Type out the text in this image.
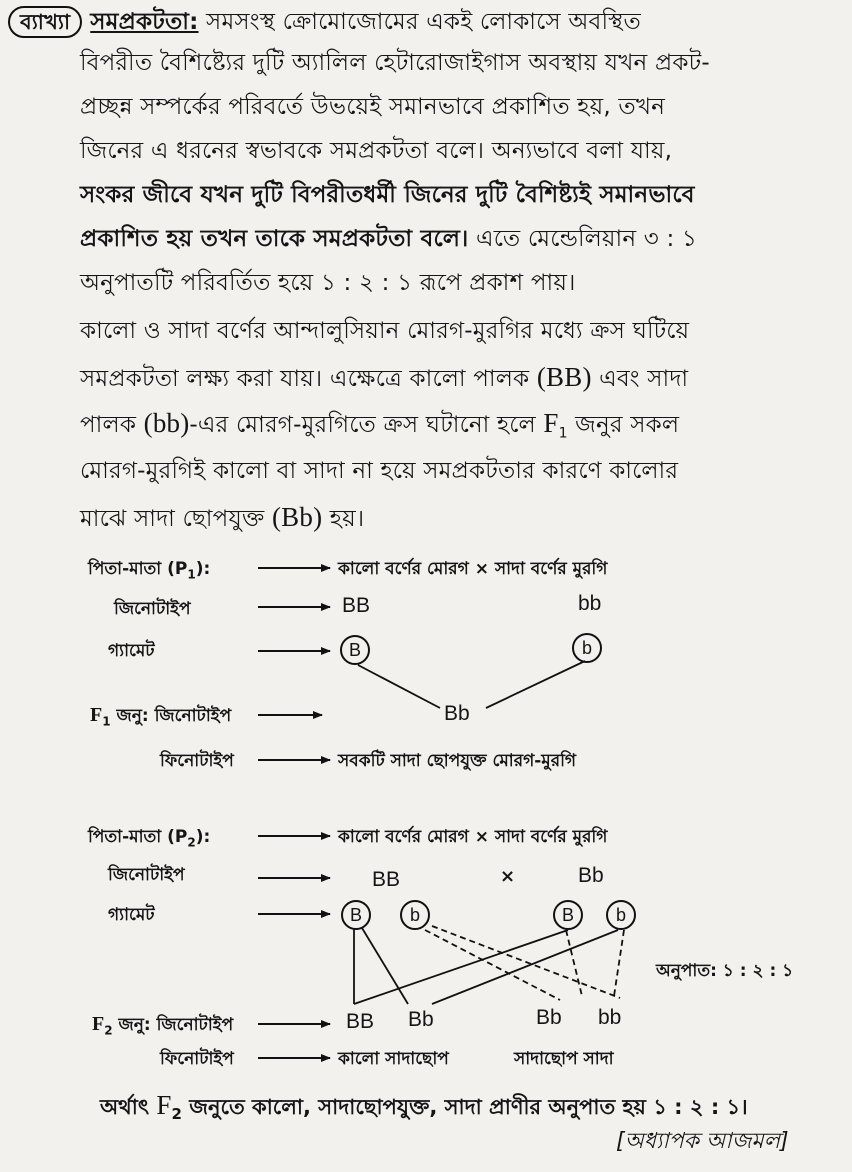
ব্যাখ্যা সমপ্রকটতা: সমসংস্থ ক্রোমোজোমের একই লোকাসে অবস্থিত
বিপরীত বৈশিষ্ট্যের দুটি অ্যালিল হেটারোজাইগাস অবস্থায় যখন প্রকট-
প্রচ্ছন্ন সম্পর্কের পরিবর্তে উভয়েই সমানভাবে প্রকাশিত হয়, তখন
জিনের এ ধরনের স্বভাবকে সমপ্রকটতা বলে। অন্যভাবে বলা যায়,
সংকর জীবে যখন দুটি বিপরীতধর্মী জিনের দুটি বৈশিষ্ট্যই সমানভাবে
প্রকাশিত হয় তখন তাকে সমপ্রকটতা বলে। এতে মেন্ডেলিয়ান ৩ : ১
অনুপাতটি পরিবর্তিত হয়ে ১ : ২ : ১ রূপে প্রকাশ পায়।
কালো ও সাদা বর্ণের আন্দালুসিয়ান মোরগ-মুরগির মধ্যে ক্রস ঘটিয়ে
সমপ্রকটতা লক্ষ্য করা যায়। এক্ষেত্রে কালো পালক (BB) এবং সাদা
পালক (bb)-এর মোরগ-মুরগিতে ক্রস ঘটানো হলে $F_1$ জনুর সকল
মোরগ-মুরগিই কালো বা সাদা না হয়ে সমপ্রকটতার কারণে কালোর
মাঝে সাদা ছোপযুক্ত (Bb) হয়।
পিতা-মাতা $(P_1)$:	কালো বর্ণের মোরগ × সাদা বর্ণের মুরগি
জিনোটাইপ	BB	bb
গ্যামেট	B	b
$F_1$ জনু: জিনোটাইপ	Bb
ফিনোটাইপ	সবকটি সাদা ছোপযুক্ত মোরগ-মুরগি
পিতা-মাতা $(P_2)$:	কালো বর্ণের মোরগ × সাদা বর্ণের মুরগি
জিনোটাইপ	BB	×	Bb
গ্যামেট	B	b	B	b
অনুপাত: ১ : ২ : ১
$F_2$ জনু: জিনোটাইপ	BB Bb	Bb bb
ফিনোটাইপ	কালো সাদাছোপ	সাদাছোপ সাদা
অর্থাৎ $F_2$ জনুতে কালো, সাদাছোপযুক্ত, সাদা প্রাণীর অনুপাত হয় ১ : ২ : ১।
[অধ্যাপক আজমল]
